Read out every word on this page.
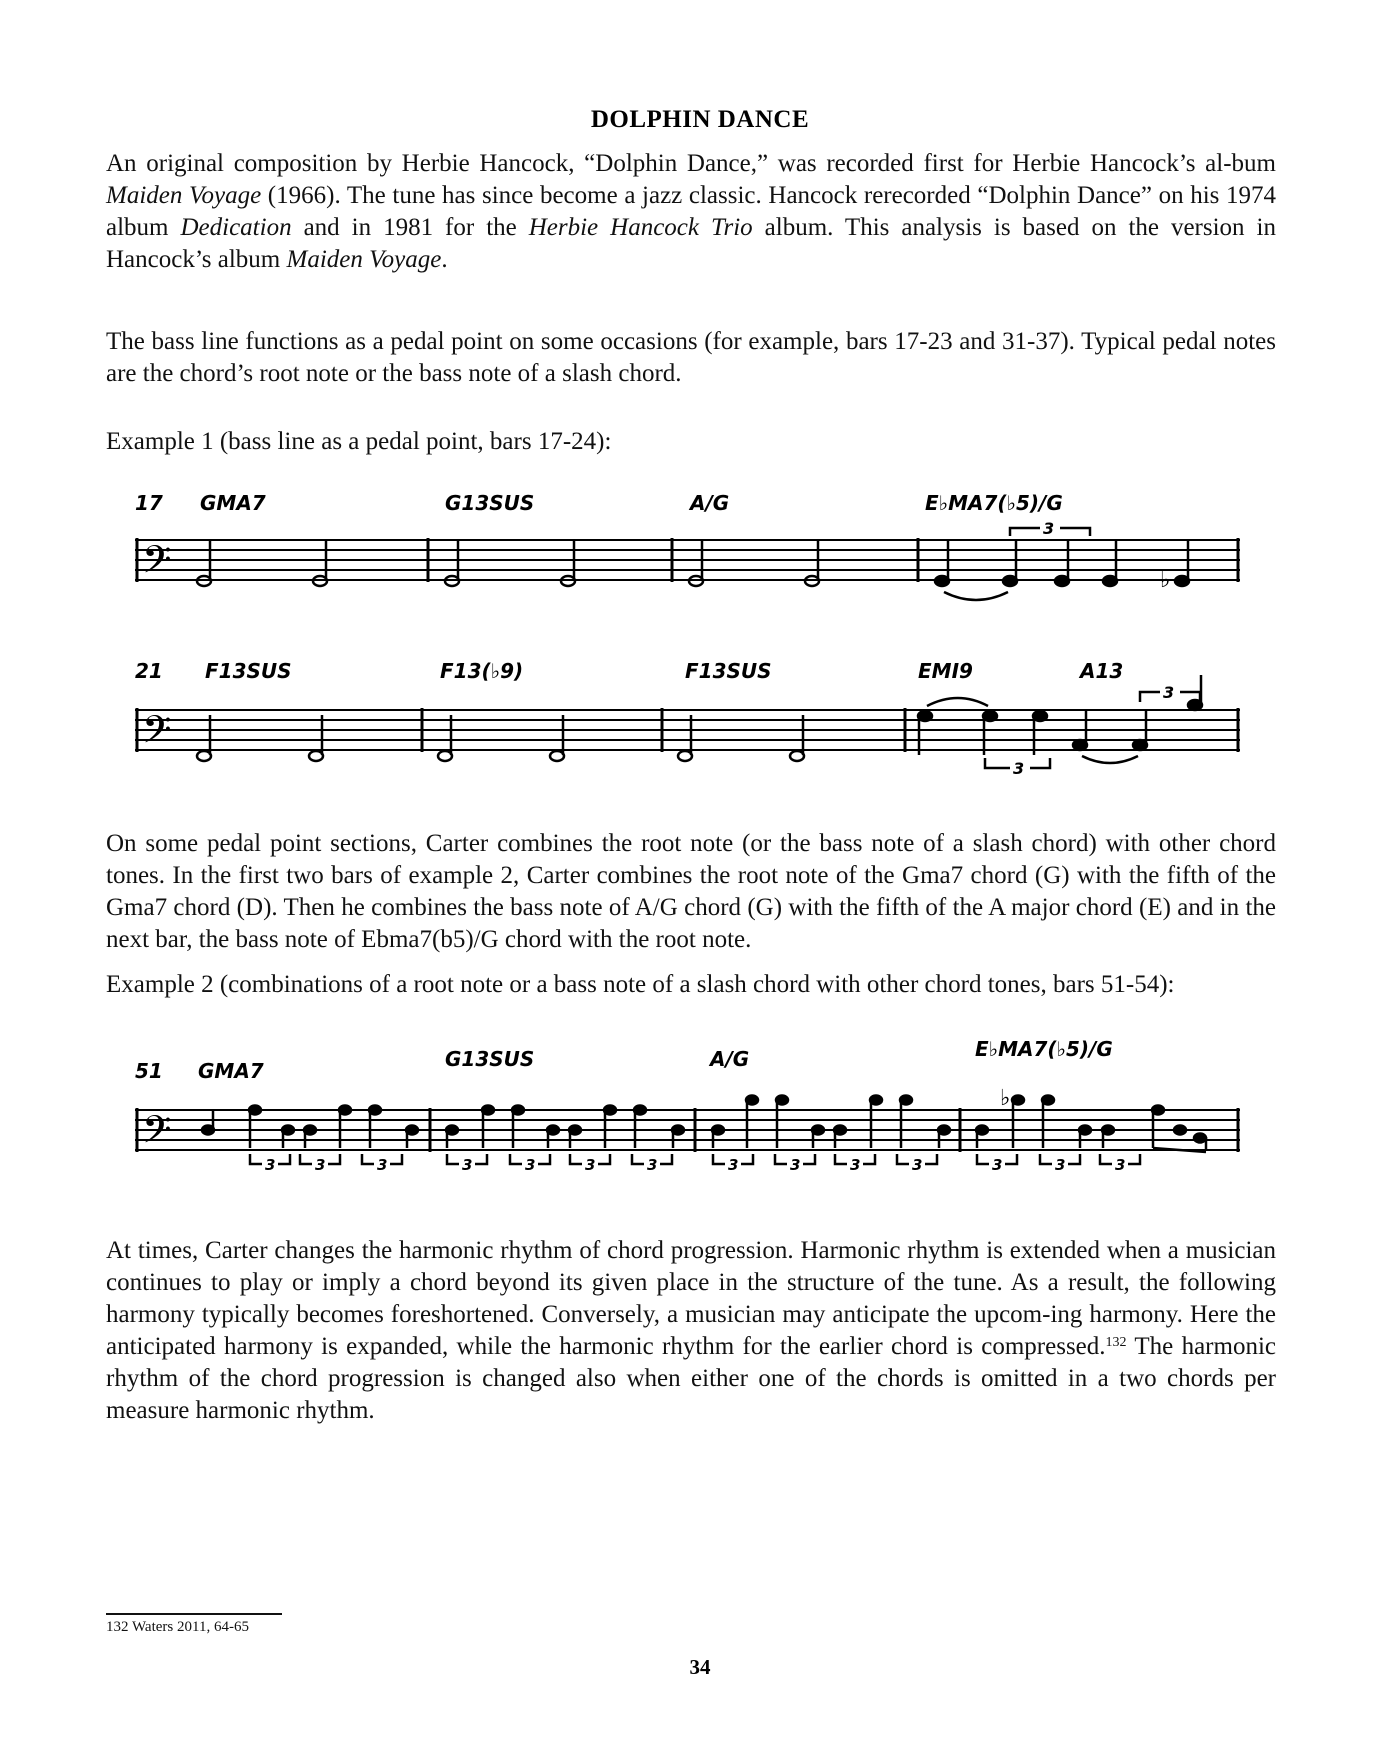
DOLPHIN DANCE

An original composition by Herbie Hancock, “Dolphin Dance,” was recorded first for Herbie Hancock’s al-bum Maiden Voyage (1966). The tune has since become a jazz classic. Hancock rerecorded “Dolphin Dance” on his 1974 album Dedication and in 1981 for the Herbie Hancock Trio album. This analysis is based on the version in Hancock’s album Maiden Voyage.

The bass line functions as a pedal point on some occasions (for example, bars 17-23 and 31-37). Typical pedal notes are the chord’s root note or the bass note of a slash chord.

Example 1 (bass line as a pedal point, bars 17-24):
17 GMA7	G13SUS	A/G	E♭MA7(♭5)/G
𝄢	♭
3
21 F13SUS	F13(♭9)	F13SUS	EMI9	A13
𝄢
3
3

On some pedal point sections, Carter combines the root note (or the bass note of a slash chord) with other chord tones. In the first two bars of example 2, Carter combines the root note of the Gma7 chord (G) with the fifth of the Gma7 chord (D). Then he combines the bass note of A/G chord (G) with the fifth of the A major chord (E) and in the next bar, the bass note of Ebma7(b5)/G chord with the root note.

Example 2 (combinations of a root note or a bass note of a slash chord with other chord tones, bars 51-54):
51 GMA7	G13SUS	A/G	E♭MA7(♭5)/G
𝄢
♭
3	3	3	3	3	3	3	3	3	3	3	3	3	3

At times, Carter changes the harmonic rhythm of chord progression. Harmonic rhythm is extended when a musician continues to play or imply a chord beyond its given place in the structure of the tune. As a result, the following harmony typically becomes foreshortened. Conversely, a musician may anticipate the upcom-ing harmony. Here the anticipated harmony is expanded, while the harmonic rhythm for the earlier chord is compressed.$^{132}$ The harmonic rhythm of the chord progression is changed also when either one of the chords is omitted in a two chords per measure harmonic rhythm.

132 Waters 2011, 64-65
34
